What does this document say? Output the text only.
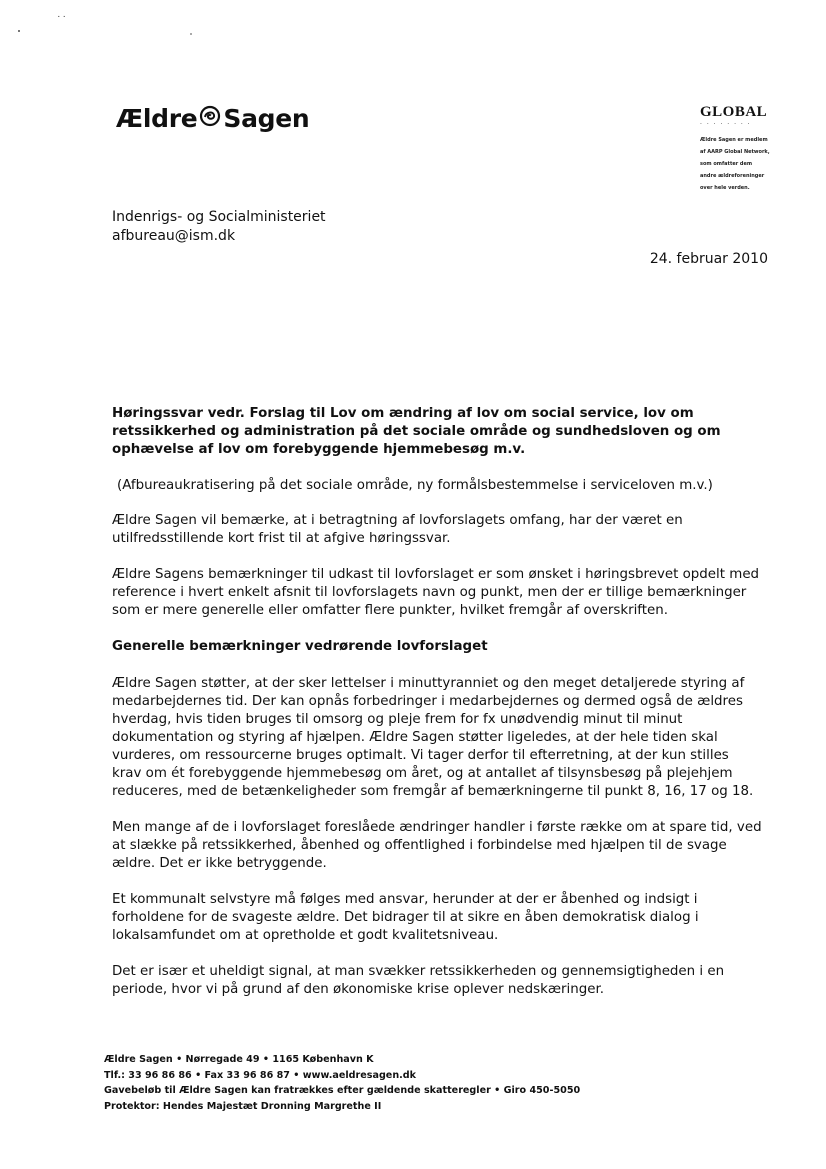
˙˙
Ældre Sagen	GLOBAL
· · · · · · · ·
Ældre Sagen er medlem af AARP Global Network, som omfatter dem andre ældreforeninger over hele verden.
Indenrigs- og Socialministeriet
afbureau@ism.dk
24. februar 2010

Høringssvar vedr. Forslag til Lov om ændring af lov om social service, lov om retssikkerhed og administration på det sociale område og sundhedsloven og om ophævelse af lov om forebyggende hjemmebesøg m.v.

(Afbureaukratisering på det sociale område, ny formålsbestemmelse i serviceloven m.v.)

Ældre Sagen vil bemærke, at i betragtning af lovforslagets omfang, har der været en utilfredsstillende kort frist til at afgive høringssvar.

Ældre Sagens bemærkninger til udkast til lovforslaget er som ønsket i høringsbrevet opdelt med reference i hvert enkelt afsnit til lovforslagets navn og punkt, men der er tillige bemærkninger som er mere generelle eller omfatter flere punkter, hvilket fremgår af overskriften.

Generelle bemærkninger vedrørende lovforslaget

Ældre Sagen støtter, at der sker lettelser i minuttyranniet og den meget detaljerede styring af medarbejdernes tid. Der kan opnås forbedringer i medarbejdernes og dermed også de ældres hverdag, hvis tiden bruges til omsorg og pleje frem for fx unødvendig minut til minut dokumentation og styring af hjælpen. Ældre Sagen støtter ligeledes, at der hele tiden skal vurderes, om ressourcerne bruges optimalt. Vi tager derfor til efterretning, at der kun stilles krav om ét forebyggende hjemmebesøg om året, og at antallet af tilsynsbesøg på plejehjem reduceres, med de betænkeligheder som fremgår af bemærkningerne til punkt 8, 16, 17 og 18.

Men mange af de i lovforslaget foreslåede ændringer handler i første række om at spare tid, ved at slække på retssikkerhed, åbenhed og offentlighed i forbindelse med hjælpen til de svage ældre. Det er ikke betryggende.

Et kommunalt selvstyre må følges med ansvar, herunder at der er åbenhed og indsigt i forholdene for de svageste ældre. Det bidrager til at sikre en åben demokratisk dialog i lokalsamfundet om at opretholde et godt kvalitetsniveau.

Det er især et uheldigt signal, at man svækker retssikkerheden og gennemsigtigheden i en periode, hvor vi på grund af den økonomiske krise oplever nedskæringer.

Ældre Sagen • Nørregade 49 • 1165 København K
Tlf.: 33 96 86 86 • Fax 33 96 86 87 • www.aeldresagen.dk
Gavebeløb til Ældre Sagen kan fratrækkes efter gældende skatteregler • Giro 450-5050
Protektor: Hendes Majestæt Dronning Margrethe II
